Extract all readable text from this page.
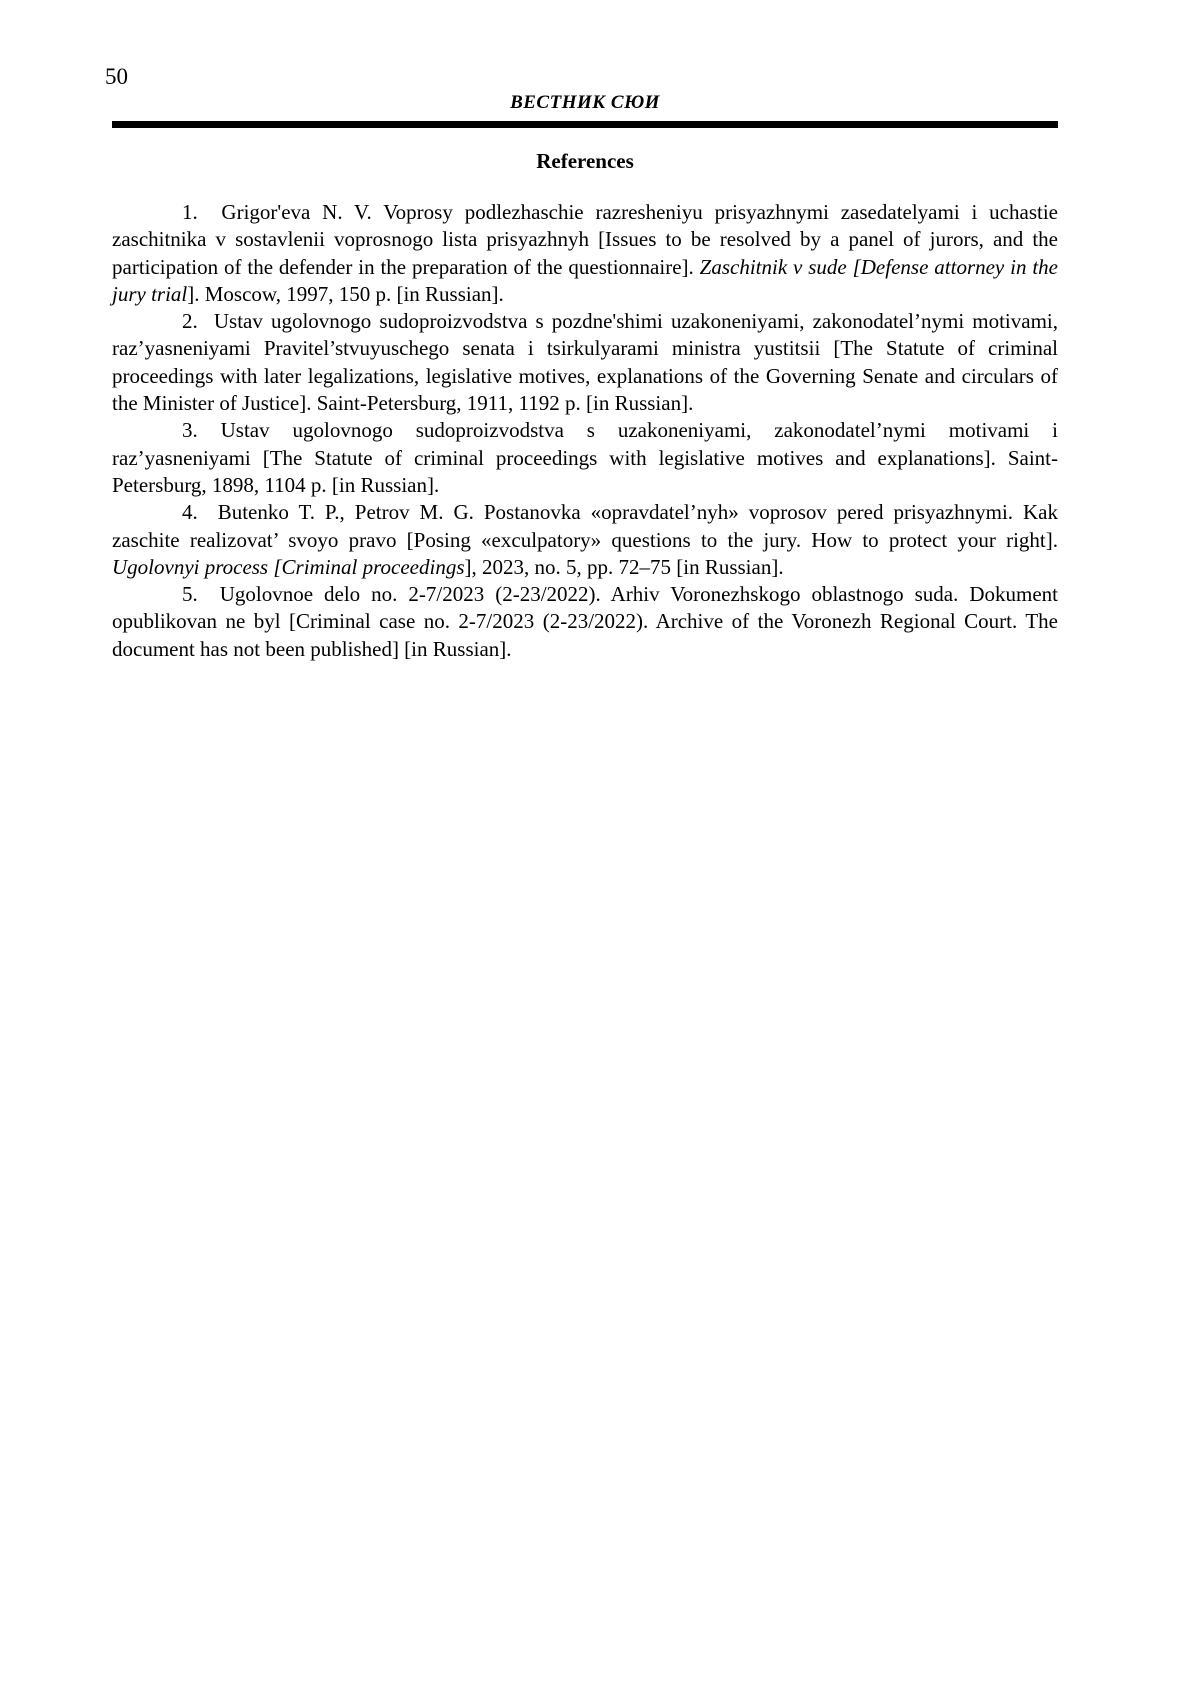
50
ВЕСТНИК СЮИ
References

1.  Grigor'eva N. V. Voprosy podlezhaschie razresheniyu prisyazhnymi zasedatelyami i uchastie zaschitnika v sostavlenii voprosnogo lista prisyazhnyh [Issues to be resolved by a panel of jurors, and the participation of the defender in the preparation of the questionnaire]. Zaschitnik v sude [Defense attorney in the jury trial]. Moscow, 1997, 150 p. [in Russian].

2.  Ustav ugolovnogo sudoproizvodstva s pozdne'shimi uzakoneniyami, zakonodatel’nymi motivami, raz’yasneniyami Pravitel’stvuyuschego senata i tsirkulyarami ministra yustitsii [The Statute of criminal proceedings with later legalizations, legislative motives, explanations of the Governing Senate and circulars of the Minister of Justice]. Saint-Petersburg, 1911, 1192 p. [in Russian].

3. Ustav ugolovnogo sudoproizvodstva s uzakoneniyami, zakonodatel’nymi motivami i raz’yasneniyami [The Statute of criminal proceedings with legislative motives and explanations]. Saint-Petersburg, 1898, 1104 p. [in Russian].

4.  Butenko T. P., Petrov M. G. Postanovka «opravdatel’nyh» voprosov pered prisyazhnymi. Kak zaschite realizovat’ svoyo pravo [Posing «exculpatory» questions to the jury. How to protect your right]. Ugolovnyi process [Criminal proceedings], 2023, no. 5, pp. 72–75 [in Russian].

5.  Ugolovnoe delo no. 2-7/2023 (2-23/2022). Arhiv Voronezhskogo oblastnogo suda. Dokument opublikovan ne byl [Criminal case no. 2-7/2023 (2-23/2022). Archive of the Voronezh Regional Court. The document has not been published] [in Russian].
